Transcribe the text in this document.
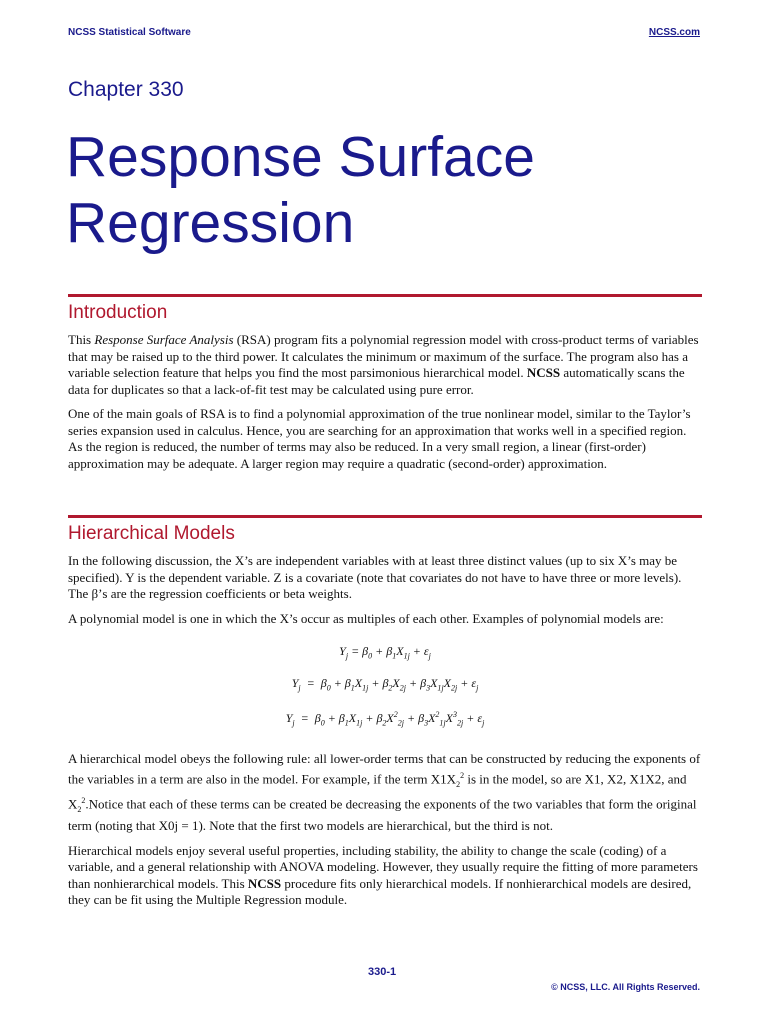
NCSS Statistical Software	NCSS.com
Chapter 330
Response Surface Regression
Introduction

This Response Surface Analysis (RSA) program fits a polynomial regression model with cross-product terms of variables that may be raised up to the third power. It calculates the minimum or maximum of the surface. The program also has a variable selection feature that helps you find the most parsimonious hierarchical model. NCSS automatically scans the data for duplicates so that a lack-of-fit test may be calculated using pure error.

One of the main goals of RSA is to find a polynomial approximation of the true nonlinear model, similar to the Taylor’s series expansion used in calculus. Hence, you are searching for an approximation that works well in a specified region. As the region is reduced, the number of terms may also be reduced. In a very small region, a linear (first-order) approximation may be adequate. A larger region may require a quadratic (second-order) approximation.

Hierarchical Models

In the following discussion, the X’s are independent variables with at least three distinct values (up to six X’s may be specified). Y is the dependent variable. Z is a covariate (note that covariates do not have to have three or more levels). The β’s are the regression coefficients or beta weights.

A polynomial model is one in which the X’s occur as multiples of each other. Examples of polynomial models are:

$Y_j = \beta_0 + \beta_1X_{1j} + \varepsilon_j$
$Y_j = \beta_0 + \beta_1X_{1j} + \beta_2X_{2j} + \beta_3X_{1j}X_{2j} + \varepsilon_j$
$Y_j = \beta_0 + \beta_1X_{1j} + \beta_2X^2_{2j} + \beta_3X^2_{1j}X^3_{2j} + \varepsilon_j$

A hierarchical model obeys the following rule: all lower-order terms that can be constructed by reducing the exponents of the variables in a term are also in the model. For example, if the term $X1X_2^2$ is in the model, so are X1, X2, X1X2, and $X_2^2.Notice$ that each of these terms can be created be decreasing the exponents of the two variables that form the original term (noting that X0j = 1). Note that the first two models are hierarchical, but the third is not.

Hierarchical models enjoy several useful properties, including stability, the ability to change the scale (coding) of a variable, and a general relationship with ANOVA modeling. However, they usually require the fitting of more parameters than nonhierarchical models. This NCSS procedure fits only hierarchical models. If nonhierarchical models are desired, they can be fit using the Multiple Regression module.

330-1
© NCSS, LLC. All Rights Reserved.
